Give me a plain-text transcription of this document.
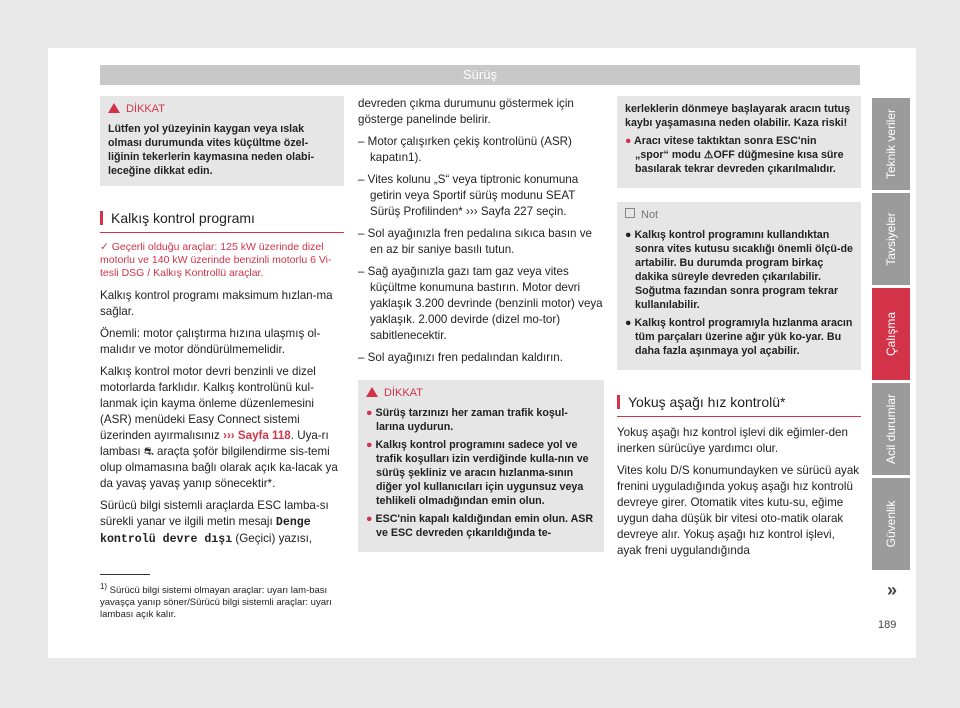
Sürüş
Teknik veriler
Tavsiyeler
Çalışma
Acil durumlar
Güvenlik
»
189
DİKKAT
Lütfen yol yüzeyinin kaygan veya ıslak olması durumunda vites küçültme özel-liğinin tekerlerin kaymasına neden olabi-leceğine dikkat edin.
Kalkış kontrol programı
✓ Geçerli olduğu araçlar: 125 kW üzerinde dizel motorlu ve 140 kW üzerinde benzinli motorlu 6 Vi-tesli DSG / Kalkış Kontrollü araçlar.

Kalkış kontrol programı maksimum hızlan-ma sağlar.

Önemli: motor çalıştırma hızına ulaşmış ol-malıdır ve motor döndürülmemelidir.

Kalkış kontrol motor devri benzinli ve dizel motorlarda farklıdır. Kalkış kontrolünü kul-lanmak için kayma önleme düzenlemesini (ASR) menüdeki Easy Connect sistemi üzerinden ayırmalısınız ››› Sayfa 118. Uya-rı lambası ⛐ araçta şoför bilgilendirme sis-temi olup olmamasına bağlı olarak açık ka-lacak ya da yavaş yavaş yanıp sönecektir*.

Sürücü bilgi sistemli araçlarda ESC lamba-sı sürekli yanar ve ilgili metin mesajı Denge kontrolü devre dışı (Geçici) yazısı,

$^{1)}$ Sürücü bilgi sistemi olmayan araçlar: uyarı lam-bası yavaşça yanıp söner/Sürücü bilgi sistemli araçlar: uyarı lambası açık kalır.

devreden çıkma durumunu göstermek için gösterge panelinde belirir.

– Motor çalışırken çekiş kontrolünü (ASR) kapatın1).

– Vites kolunu „S“ veya tiptronic konumuna getirin veya Sportif sürüş modunu SEAT Sürüş Profilinden* ››› Sayfa 227 seçin.

– Sol ayağınızla fren pedalına sıkıca basın ve en az bir saniye basılı tutun.

– Sağ ayağınızla gazı tam gaz veya vites küçültme konumuna bastırın. Motor devri yaklaşık 3.200 devrinde (benzinli motor) veya yaklaşık. 2.000 devirde (dizel mo-tor) sabitlenecektir.

– Sol ayağınızı fren pedalından kaldırın.

DİKKAT
● Sürüş tarzınızı her zaman trafik koşul-larına uydurun.
● Kalkış kontrol programını sadece yol ve trafik koşulları izin verdiğinde kulla-nın ve sürüş şekliniz ve aracın hızlanma-sının diğer yol kullanıcıları için uygunsuz veya tehlikeli olmadığından emin olun.
● ESC'nin kapalı kaldığından emin olun. ASR ve ESC devreden çıkarıldığında te-
kerleklerin dönmeye başlayarak aracın tutuş kaybı yaşamasına neden olabilir. Kaza riski!
● Aracı vitese taktıktan sonra ESC'nin „spor“ modu ⚠OFF düğmesine kısa süre basılarak tekrar devreden çıkarılmalıdır.
Not
● Kalkış kontrol programını kullandıktan sonra vites kutusu sıcaklığı önemli ölçü-de artabilir. Bu durumda program birkaç dakika süreyle devreden çıkarılabilir. Soğutma fazından sonra program tekrar kullanılabilir.
● Kalkış kontrol programıyla hızlanma aracın tüm parçaları üzerine ağır yük ko-yar. Bu daha fazla aşınmaya yol açabilir.
Yokuş aşağı hız kontrolü*

Yokuş aşağı hız kontrol işlevi dik eğimler-den inerken sürücüye yardımcı olur.

Vites kolu D/S konumundayken ve sürücü ayak frenini uyguladığında yokuş aşağı hız kontrolü devreye girer. Otomatik vites kutu-su, eğime uygun daha düşük bir vitesi oto-matik olarak devreye alır. Yokuş aşağı hız kontrol işlevi, ayak freni uygulandığında
